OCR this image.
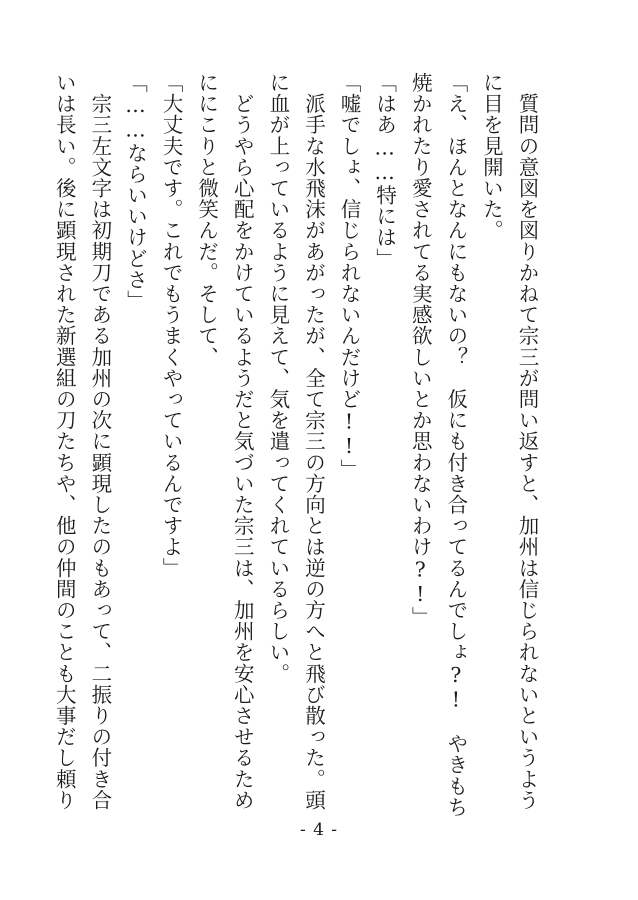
　質問の意図を図りかねて宗三が問い返すと、加州は信じられないというよう
に目を見開いた。
「え、ほんとなんにもないの？　仮にも付き合ってるんでしょ?!　やきもち
焼かれたり愛されてる実感欲しいとか思わないわけ?!」
「はあ……特には」
「嘘でしょ、信じられないんだけど!!」
　派手な水飛沫があがったが、全て宗三の方向とは逆の方へと飛び散った。頭
に血が上っているように見えて、気を遣ってくれているらしい。
　どうやら心配をかけているようだと気づいた宗三は、加州を安心させるため
ににこりと微笑んだ。そして、
「大丈夫です。これでもうまくやっているんですよ」
「……ならいいけどさ」
　宗三左文字は初期刀である加州の次に顕現したのもあって、二振りの付き合
いは長い。後に顕現された新選組の刀たちや、他の仲間のことも大事だし頼り
- 4 -
